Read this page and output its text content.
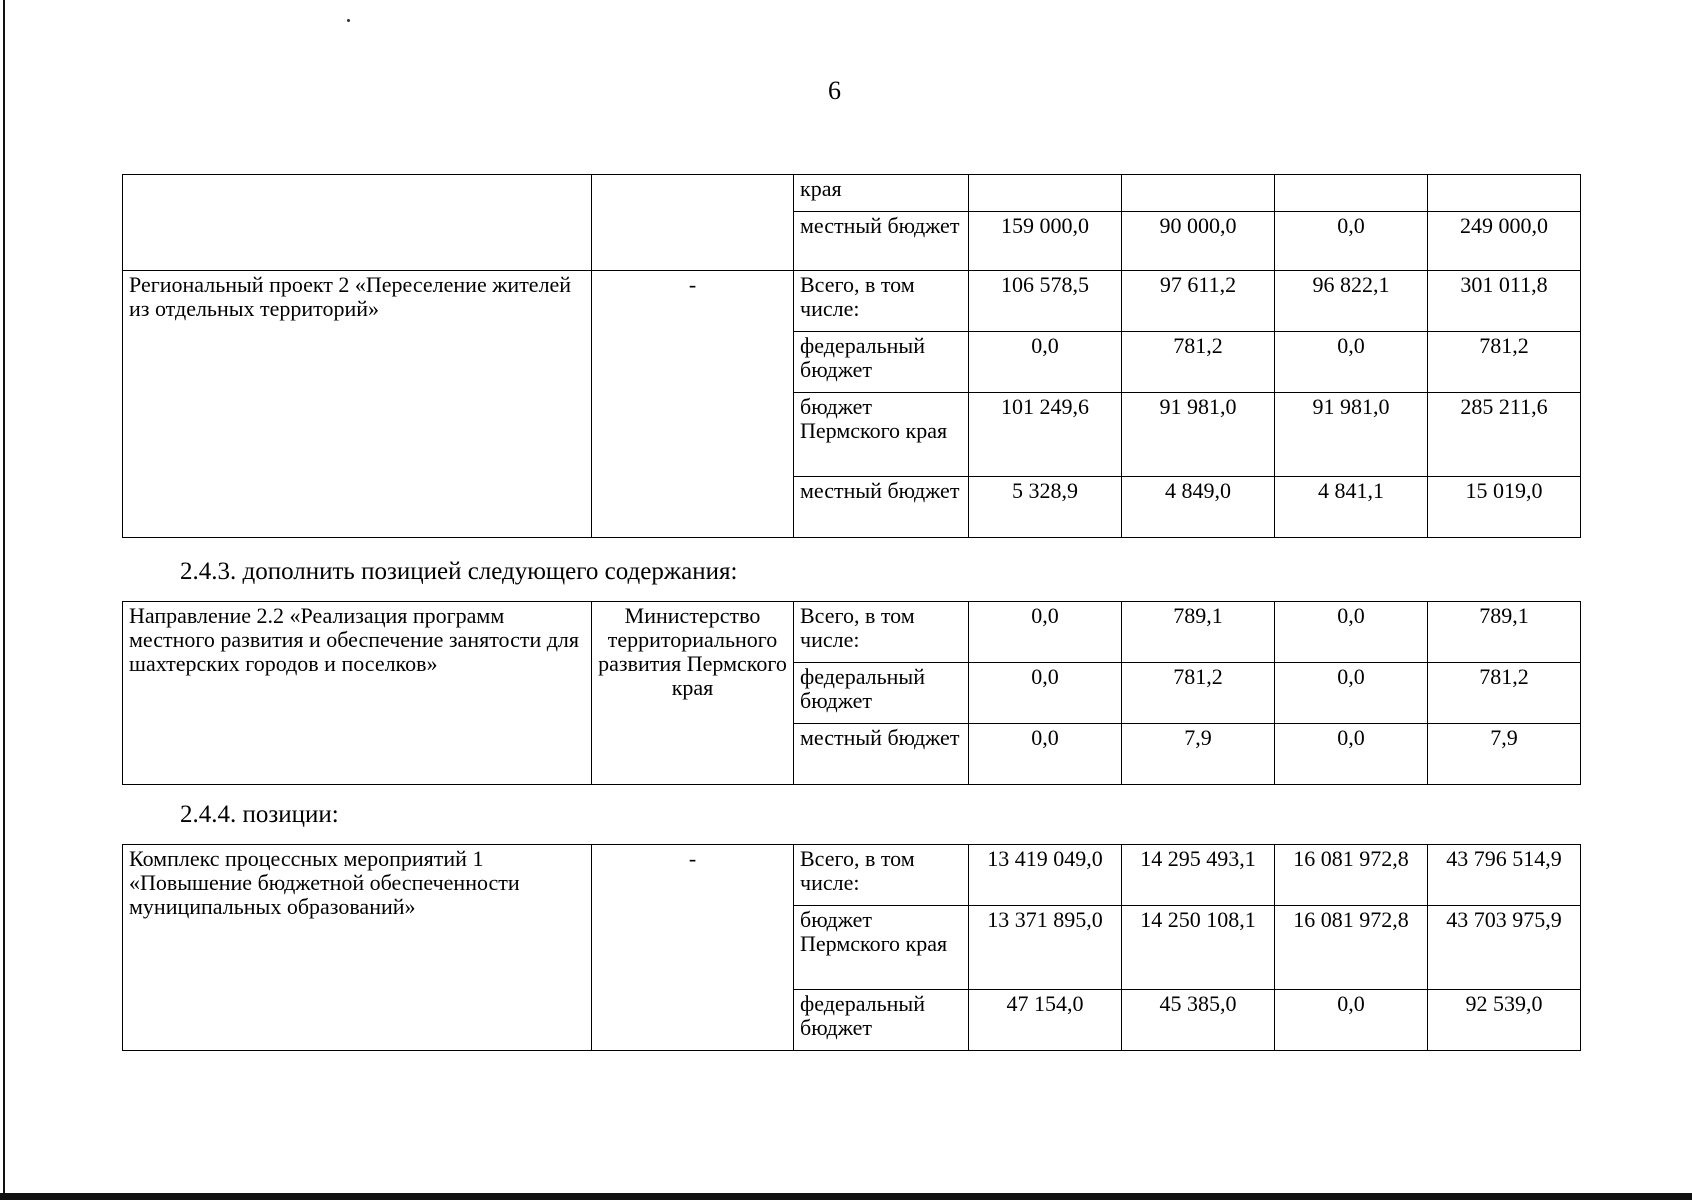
6
		края				
		местный бюджет	159 000,0	90 000,0	0,0	249 000,0
Региональный проект 2 «Переселение жителей из отдельных территорий»	-	Всего, в том числе:	106 578,5	97 611,2	96 822,1	301 011,8
		федеральный бюджет	0,0	781,2	0,0	781,2
		бюджет Пермского края	101 249,6	91 981,0	91 981,0	285 211,6
		местный бюджет	5 328,9	4 849,0	4 841,1	15 019,0
2.4.3. дополнить позицией следующего содержания:
Направление 2.2 «Реализация программ местного развития и обеспечение занятости для шахтерских городов и поселков»	Министерство территориального развития Пермского края	Всего, в том числе:	0,0	789,1	0,0	789,1
		федеральный бюджет	0,0	781,2	0,0	781,2
		местный бюджет	0,0	7,9	0,0	7,9
2.4.4. позиции:
Комплекс процессных мероприятий 1 «Повышение бюджетной обеспеченности муниципальных образований»	-	Всего, в том числе:	13 419 049,0	14 295 493,1	16 081 972,8	43 796 514,9
		бюджет Пермского края	13 371 895,0	14 250 108,1	16 081 972,8	43 703 975,9
		федеральный бюджет	47 154,0	45 385,0	0,0	92 539,0
